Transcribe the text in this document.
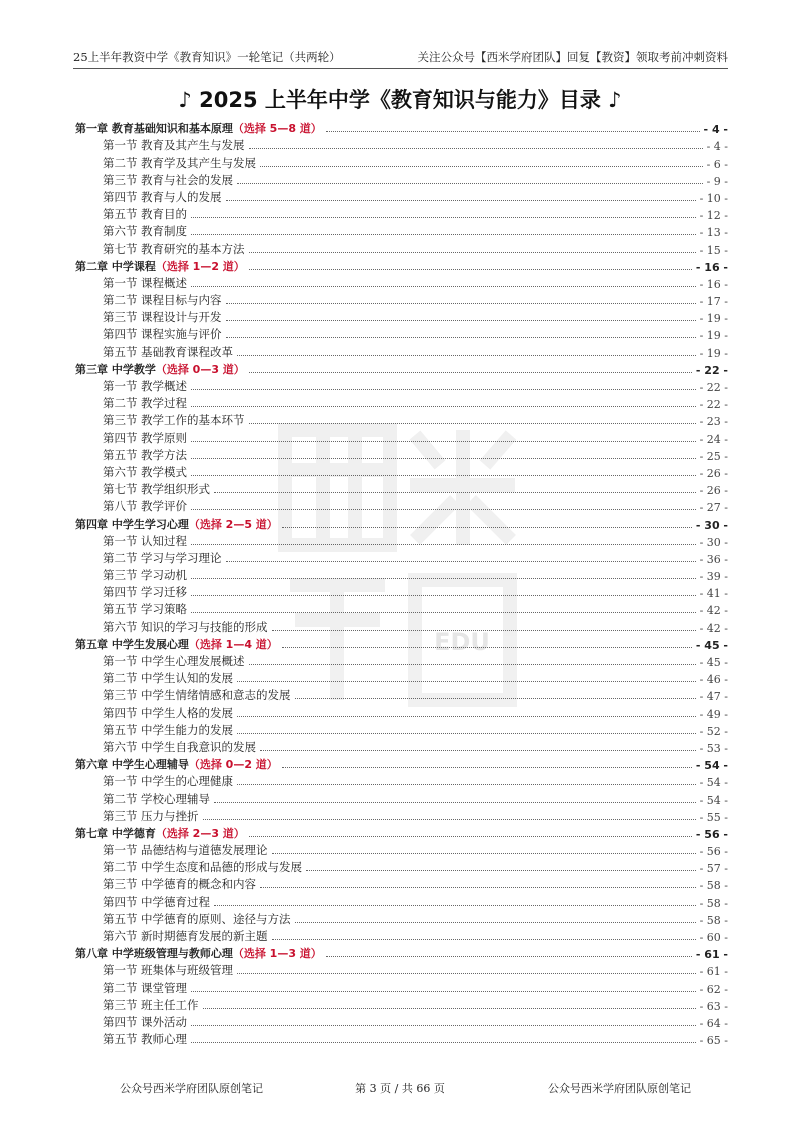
25上半年教资中学《教育知识》一轮笔记（共两轮）	关注公众号【西米学府团队】回复【教资】领取考前冲刺资料
♪ 2025 上半年中学《教育知识与能力》目录 ♪
EDU
第一章 教育基础知识和基本原理 （选择 5—8 道）	- 4 -
第一节 教育及其产生与发展	- 4 -
第二节 教育学及其产生与发展	- 6 -
第三节 教育与社会的发展	- 9 -
第四节 教育与人的发展	- 10 -
第五节 教育目的	- 12 -
第六节 教育制度	- 13 -
第七节 教育研究的基本方法	- 15 -
第二章 中学课程 （选择 1—2 道）	- 16 -
第一节 课程概述	- 16 -
第二节 课程目标与内容	- 17 -
第三节 课程设计与开发	- 19 -
第四节 课程实施与评价	- 19 -
第五节 基础教育课程改革	- 19 -
第三章 中学教学 （选择 0—3 道）	- 22 -
第一节 教学概述	- 22 -
第二节 教学过程	- 22 -
第三节 教学工作的基本环节	- 23 -
第四节 教学原则	- 24 -
第五节 教学方法	- 25 -
第六节 教学模式	- 26 -
第七节 教学组织形式	- 26 -
第八节 教学评价	- 27 -
第四章 中学生学习心理 （选择 2—5 道）	- 30 -
第一节 认知过程	- 30 -
第二节 学习与学习理论	- 36 -
第三节 学习动机	- 39 -
第四节 学习迁移	- 41 -
第五节 学习策略	- 42 -
第六节 知识的学习与技能的形成	- 42 -
第五章 中学生发展心理 （选择 1—4 道）	- 45 -
第一节 中学生心理发展概述	- 45 -
第二节 中学生认知的发展	- 46 -
第三节 中学生情绪情感和意志的发展	- 47 -
第四节 中学生人格的发展	- 49 -
第五节 中学生能力的发展	- 52 -
第六节 中学生自我意识的发展	- 53 -
第六章 中学生心理辅导 （选择 0—2 道）	- 54 -
第一节 中学生的心理健康	- 54 -
第二节 学校心理辅导	- 54 -
第三节 压力与挫折	- 55 -
第七章 中学德育 （选择 2—3 道）	- 56 -
第一节 品德结构与道德发展理论	- 56 -
第二节 中学生态度和品德的形成与发展	- 57 -
第三节 中学德育的概念和内容	- 58 -
第四节 中学德育过程	- 58 -
第五节 中学德育的原则、途径与方法	- 58 -
第六节 新时期德育发展的新主题	- 60 -
第八章 中学班级管理与教师心理 （选择 1—3 道）	- 61 -
第一节 班集体与班级管理	- 61 -
第二节 课堂管理	- 62 -
第三节 班主任工作	- 63 -
第四节 课外活动	- 64 -
第五节 教师心理	- 65 -
公众号西米学府团队原创笔记	第 3 页 / 共 66 页	公众号西米学府团队原创笔记
